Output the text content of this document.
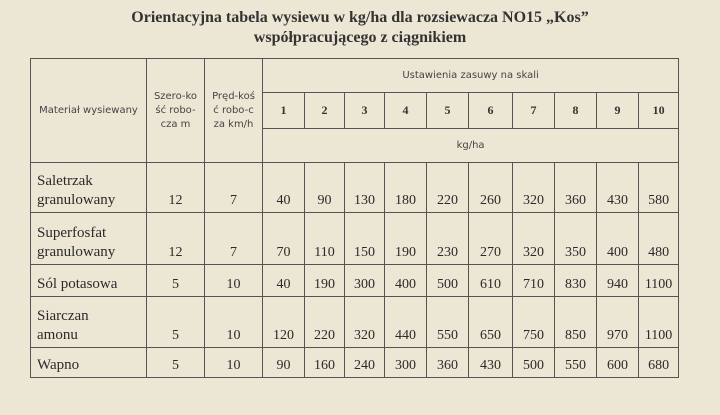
Orientacyjna tabela wysiewu w kg/ha dla rozsiewacza NO15 „Kos”
współpracującego z ciągnikiem
Materiał wysiewany	Szero-kość robo-cza m	Pręd-kość robo-cza km/h	Ustawienia zasuwy na skali									
			1	2	3	4	5	6	7	8	9	10
			kg/ha									

Saletrzak
granulowany	12	7	40	90	130	180	220	260	320	360	430	580

Superfosfat
granulowany	12	7	70	110	150	190	230	270	320	350	400	480
Sól potasowa	5	10	40	190	300	400	500	610	710	830	940	1100

Siarczan
amonu	5	10	120	220	320	440	550	650	750	850	970	1100
Wapno	5	10	90	160	240	300	360	430	500	550	600	680
